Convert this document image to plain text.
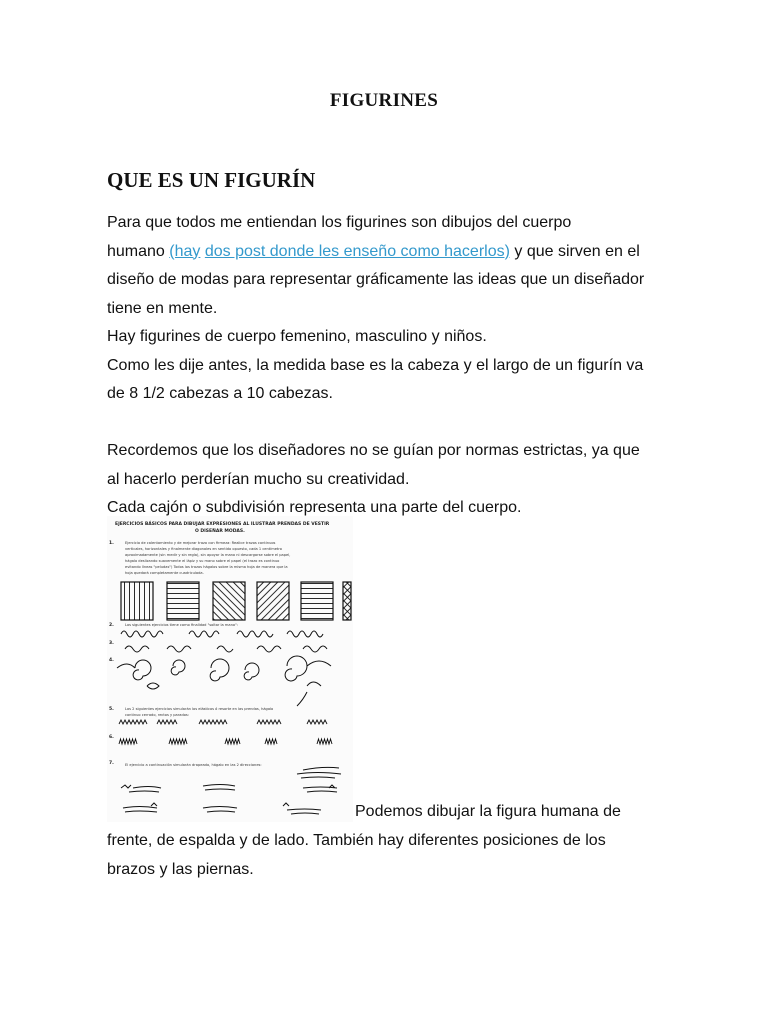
FIGURINES
QUE ES UN FIGURÍN

Para que todos me entiendan los figurines son dibujos del cuerpo

humano (hay dos post donde les enseño como hacerlos) y que sirven en el

diseño de modas para representar gráficamente las ideas que un diseñador

tiene en mente.

Hay figurines de cuerpo femenino, masculino y niños.

Como les dije antes, la medida base es la cabeza y el largo de un figurín va

de 8 1/2 cabezas a 10 cabezas.

Recordemos que los diseñadores no se guían por normas estrictas, ya que

al hacerlo perderían mucho su creatividad.

Cada cajón o subdivisión representa una parte del cuerpo.

EJERCICIOS BÁSICOS PARA DIBUJAR EXPRESIONES AL ILUSTRAR PRENDAS DE VESTIR
O DISEÑAR MODAS.
1.	Ejercicio de calentamiento y de mejorar trazo con firmeza: Realice trazos continuos
verticales, horizontales y finalmente diagonales en sentido opuesto, cada 1 centímetro
aproximadamente (sin medir y sin regla), sin apoyar la mano ni descargarse sobre el papel,
hágalo deslizando suavemente el lápiz y su mano sobre el papel (el trazo es continuo
evitando líneas "peludas") Todos los trazos hágalos sobre la misma hoja de manera que la
hoja quedará completamente cuadriculada.
2.	Los siguientes ejercicios tiene como finalidad "soltar la mano":
3.
4.
5.	Los 2 siguientes ejercicios simularán los elásticos ó resorte en las prendas, hágalo
continuo cerrado, rectos y parados:
6.
7.	El ejercicio a continuación simularán drapeado, hágalo en las 2 direcciones:
Podemos dibujar la figura humana de

frente, de espalda y de lado. También hay diferentes posiciones de los

brazos y las piernas.
